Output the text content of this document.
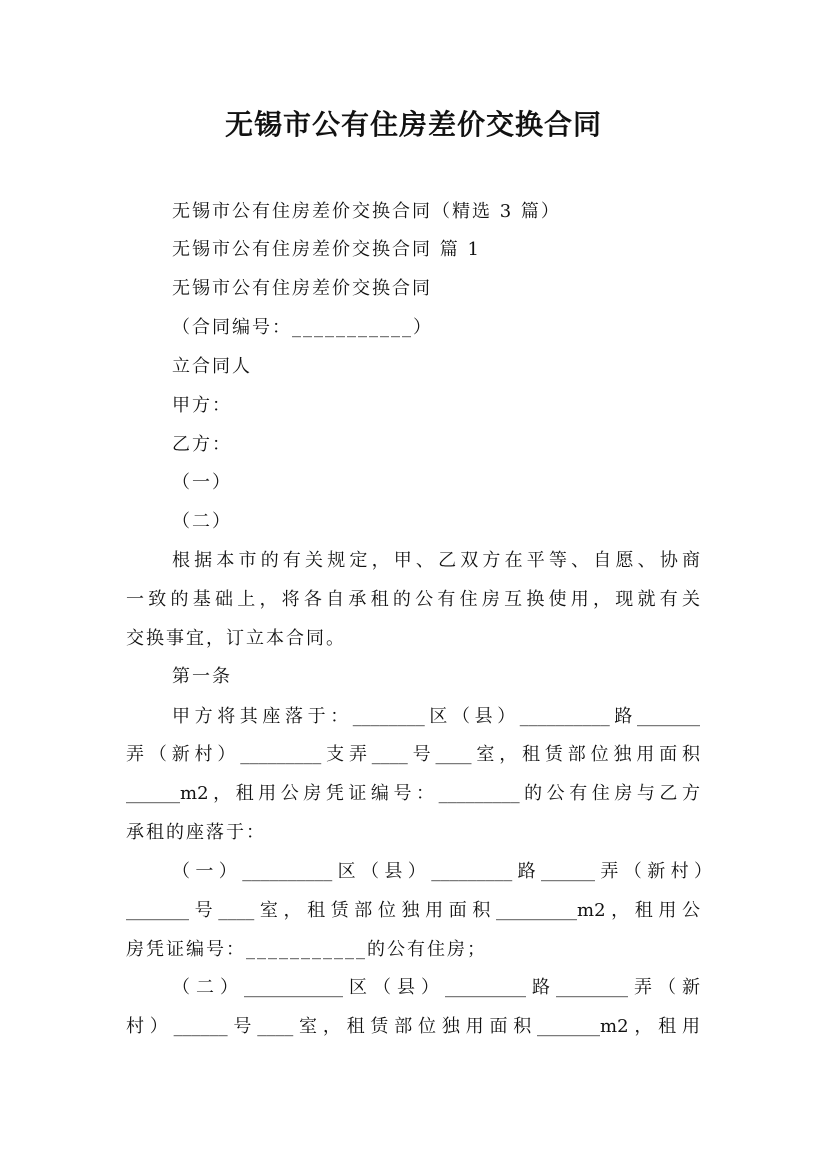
无锡市公有住房差价交换合同
无锡市公有住房差价交换合同（精选 3 篇）
无锡市公有住房差价交换合同 篇 1
无锡市公有住房差价交换合同
（合同编号：___________）
立合同人
甲方：
乙方：
（一）
（二）
根据本市的有关规定，甲、乙双方在平等、自愿、协商
一致的基础上，将各自承租的公有住房互换使用，现就有关
交换事宜，订立本合同。
第一条
甲方将其座落于：________区（县）__________路_______
弄（新村）_________支弄____号____室，租赁部位独用面积
______m2，租用公房凭证编号：_________的公有住房与乙方
承租的座落于：
（一）__________区（县）_________路______弄（新村）
_______号____室，租赁部位独用面积_________m2，租用公
房凭证编号：___________的公有住房；
（二）___________区（县）_________路________弄（新
村）______号____室，租赁部位独用面积_______m2，租用
